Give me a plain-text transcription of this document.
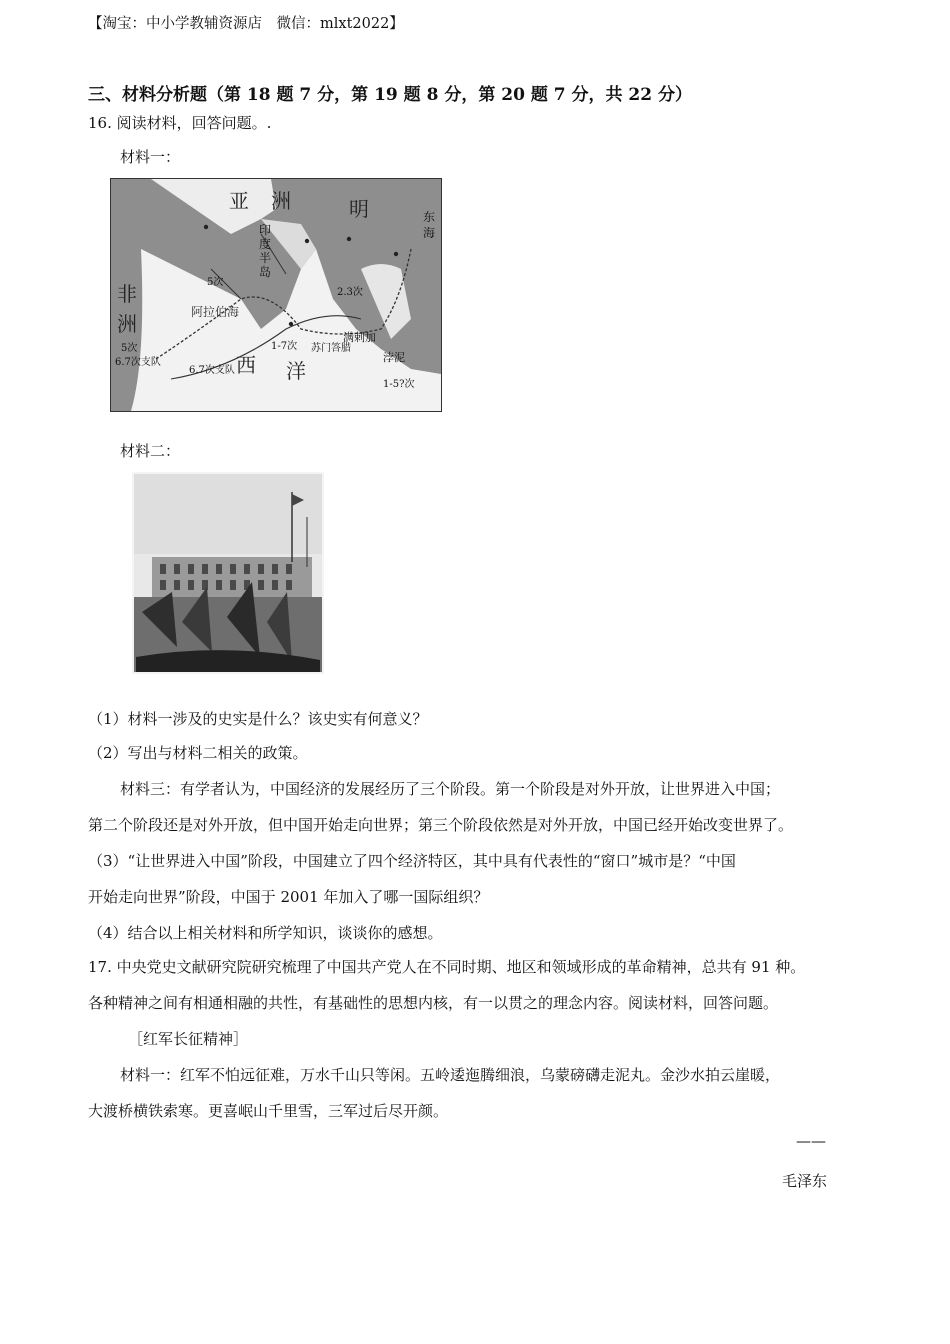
【淘宝：中小学教辅资源店　微信：mlxt2022】
三、材料分析题（第 18 题 7 分，第 19 题 8 分，第 20 题 7 分，共 22 分）
16. 阅读材料，回答问题。.
材料一：
亚 洲	明
印 度 半 岛
非 洲	阿拉伯海
西 洋
东 海
5次
6.7次支队
5次
6.7次支队
2.3次
1-7次
1-5?次
满剌加
苏门答腊
浡泥
材料二：
（1）材料一涉及的史实是什么？该史实有何意义？
（2）写出与材料二相关的政策。
材料三：有学者认为，中国经济的发展经历了三个阶段。第一个阶段是对外开放，让世界进入中国；
第二个阶段还是对外开放，但中国开始走向世界；第三个阶段依然是对外开放，中国已经开始改变世界了。
（3）“让世界进入中国”阶段，中国建立了四个经济特区，其中具有代表性的“窗口”城市是？“中国
开始走向世界”阶段，中国于 2001 年加入了哪一国际组织？
（4）结合以上相关材料和所学知识，谈谈你的感想。
17. 中央党史文献研究院研究梳理了中国共产党人在不同时期、地区和领域形成的革命精神，总共有 91 种。
各种精神之间有相通相融的共性，有基础性的思想内核，有一以贯之的理念内容。阅读材料，回答问题。
［红军长征精神］
材料一：红军不怕远征难，万水千山只等闲。五岭逶迤腾细浪，乌蒙磅礴走泥丸。金沙水拍云崖暖，
大渡桥横铁索寒。更喜岷山千里雪，三军过后尽开颜。
——
毛泽东
